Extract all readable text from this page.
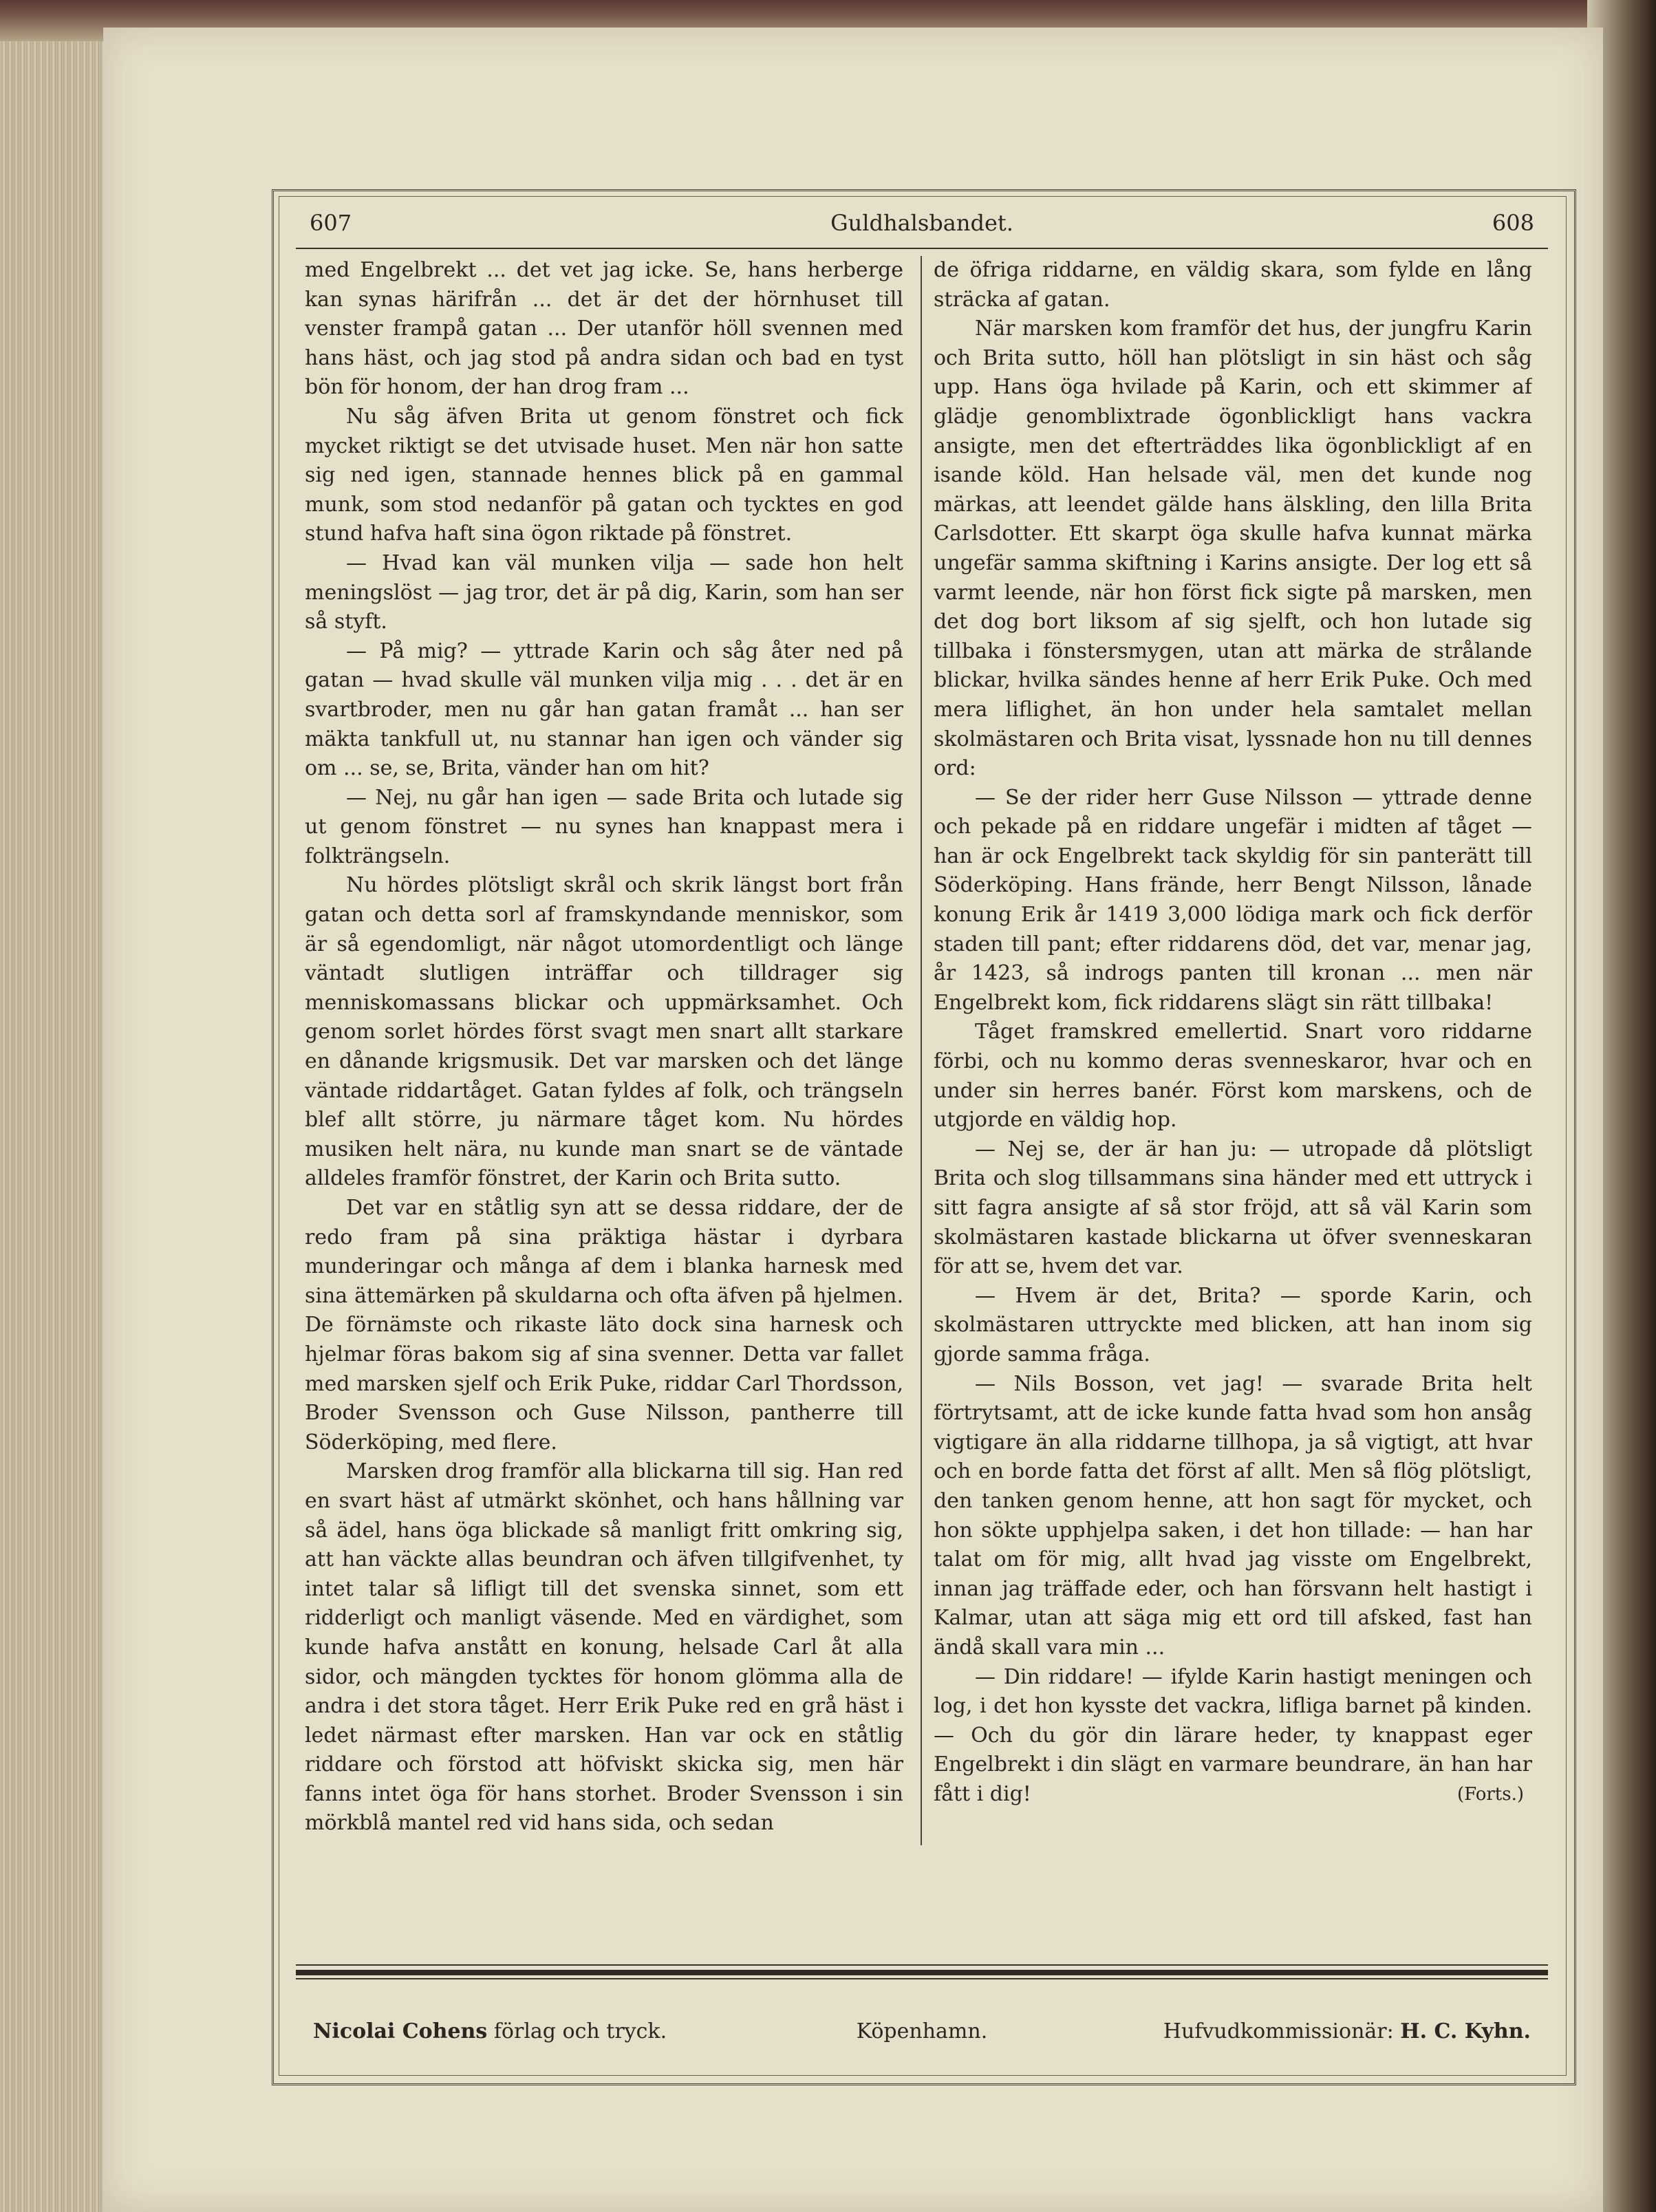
607	Guldhalsbandet.	608

med Engelbrekt ... det vet jag icke. Se, hans herberge kan synas härifrån ... det är det der hörnhuset till venster frampå gatan ... Der utanför höll svennen med hans häst, och jag stod på andra sidan och bad en tyst bön för honom, der han drog fram ...

Nu såg äfven Brita ut genom fönstret och fick mycket riktigt se det utvisade huset. Men när hon satte sig ned igen, stannade hennes blick på en gammal munk, som stod nedanför på gatan och tycktes en god stund hafva haft sina ögon riktade på fönstret.

— Hvad kan väl munken vilja — sade hon helt meningslöst — jag tror, det är på dig, Karin, som han ser så styft.

— På mig? — yttrade Karin och såg åter ned på gatan — hvad skulle väl munken vilja mig . . . det är en svartbroder, men nu går han gatan framåt ... han ser mäkta tankfull ut, nu stannar han igen och vänder sig om ... se, se, Brita, vänder han om hit?

— Nej, nu går han igen — sade Brita och lutade sig ut genom fönstret — nu synes han knappast mera i folkträngseln.

Nu hördes plötsligt skrål och skrik längst bort från gatan och detta sorl af framskyndande menniskor, som är så egendomligt, när något utomordentligt och länge väntadt slutligen inträffar och tilldrager sig menniskomassans blickar och uppmärksamhet. Och genom sorlet hördes först svagt men snart allt starkare en dånande krigsmusik. Det var marsken och det länge väntade riddartåget. Gatan fyldes af folk, och trängseln blef allt större, ju närmare tåget kom. Nu hördes musiken helt nära, nu kunde man snart se de väntade alldeles framför fönstret, der Karin och Brita sutto.

Det var en ståtlig syn att se dessa riddare, der de redo fram på sina präktiga hästar i dyrbara munderingar och många af dem i blanka harnesk med sina ättemärken på skuldarna och ofta äfven på hjelmen. De förnämste och rikaste läto dock sina harnesk och hjelmar föras bakom sig af sina svenner. Detta var fallet med marsken sjelf och Erik Puke, riddar Carl Thordsson, Broder Svensson och Guse Nilsson, pantherre till Söderköping, med flere.

Marsken drog framför alla blickarna till sig. Han red en svart häst af utmärkt skönhet, och hans hållning var så ädel, hans öga blickade så manligt fritt omkring sig, att han väckte allas beundran och äfven tillgifvenhet, ty intet talar så lifligt till det svenska sinnet, som ett ridderligt och manligt väsende. Med en värdighet, som kunde hafva anstått en konung, helsade Carl åt alla sidor, och mängden tycktes för honom glömma alla de andra i det stora tåget. Herr Erik Puke red en grå häst i ledet närmast efter marsken. Han var ock en ståtlig riddare och förstod att höfviskt skicka sig, men här fanns intet öga för hans storhet. Broder Svensson i sin mörkblå mantel red vid hans sida, och sedan

de öfriga riddarne, en väldig skara, som fylde en lång sträcka af gatan.

När marsken kom framför det hus, der jungfru Karin och Brita sutto, höll han plötsligt in sin häst och såg upp. Hans öga hvilade på Karin, och ett skimmer af glädje genomblixtrade ögonblickligt hans vackra ansigte, men det efterträddes lika ögonblickligt af en isande köld. Han helsade väl, men det kunde nog märkas, att leendet gälde hans älskling, den lilla Brita Carlsdotter. Ett skarpt öga skulle hafva kunnat märka ungefär samma skiftning i Karins ansigte. Der log ett så varmt leende, när hon först fick sigte på marsken, men det dog bort liksom af sig sjelft, och hon lutade sig tillbaka i fönstersmygen, utan att märka de strålande blickar, hvilka sändes henne af herr Erik Puke. Och med mera liflighet, än hon under hela samtalet mellan skolmästaren och Brita visat, lyssnade hon nu till dennes ord:

— Se der rider herr Guse Nilsson — yttrade denne och pekade på en riddare ungefär i midten af tåget — han är ock Engelbrekt tack skyldig för sin panterätt till Söderköping. Hans frände, herr Bengt Nilsson, lånade konung Erik år 1419 3,000 lödiga mark och fick derför staden till pant; efter riddarens död, det var, menar jag, år 1423, så indrogs panten till kronan ... men när Engelbrekt kom, fick riddarens slägt sin rätt tillbaka!

Tåget framskred emellertid. Snart voro riddarne förbi, och nu kommo deras svenneskaror, hvar och en under sin herres banér. Först kom marskens, och de utgjorde en väldig hop.

— Nej se, der är han ju: — utropade då plötsligt Brita och slog tillsammans sina händer med ett uttryck i sitt fagra ansigte af så stor fröjd, att så väl Karin som skolmästaren kastade blickarna ut öfver svenneskaran för att se, hvem det var.

— Hvem är det, Brita? — sporde Karin, och skolmästaren uttryckte med blicken, att han inom sig gjorde samma fråga.

— Nils Bosson, vet jag! — svarade Brita helt förtrytsamt, att de icke kunde fatta hvad som hon ansåg vigtigare än alla riddarne tillhopa, ja så vigtigt, att hvar och en borde fatta det först af allt. Men så flög plötsligt, den tanken genom henne, att hon sagt för mycket, och hon sökte upphjelpa saken, i det hon tillade: — han har talat om för mig, allt hvad jag visste om Engelbrekt, innan jag träffade eder, och han försvann helt hastigt i Kalmar, utan att säga mig ett ord till afsked, fast han ändå skall vara min ...

— Din riddare! — ifylde Karin hastigt meningen och log, i det hon kysste det vackra, lifliga barnet på kinden. — Och du gör din lärare heder, ty knappast eger Engelbrekt i din slägt en varmare beundrare, än han har fått i dig!	(Forts.)

Nicolai Cohens förlag och tryck.	Köpenhamn.	Hufvudkommissionär: H. C. Kyhn.
